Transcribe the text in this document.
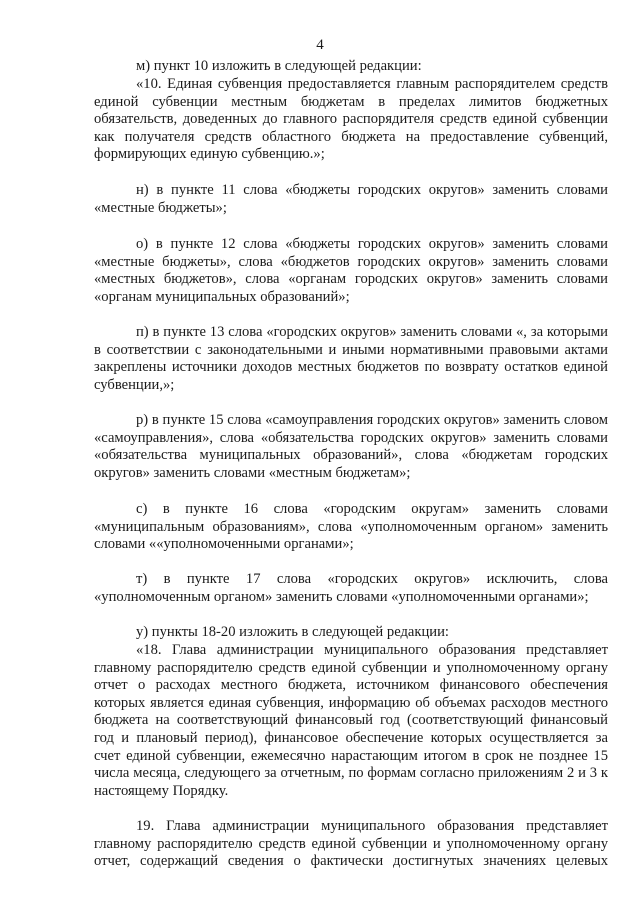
4

м) пункт 10 изложить в следующей редакции:

«10. Единая субвенция предоставляется главным распорядителем средств единой субвенции местным бюджетам в пределах лимитов бюджетных обязательств, доведенных до главного распорядителя средств единой субвенции как получателя средств областного бюджета на предоставление субвенций, формирующих единую субвенцию.»;

н) в пункте 11 слова «бюджеты городских округов» заменить словами «местные бюджеты»;

о) в пункте 12 слова «бюджеты городских округов» заменить словами «местные бюджеты», слова «бюджетов городских округов» заменить словами «местных бюджетов», слова «органам городских округов» заменить словами «органам муниципальных образований»;

п) в пункте 13 слова «городских округов» заменить словами «, за которыми в соответствии с законодательными и иными нормативными правовыми актами закреплены источники доходов местных бюджетов по возврату остатков единой субвенции,»;

р) в пункте 15 слова «самоуправления городских округов» заменить словом «самоуправления», слова «обязательства городских округов» заменить словами «обязательства муниципальных образований», слова «бюджетам городских округов» заменить словами «местным бюджетам»;

с) в пункте 16 слова «городским округам» заменить словами «муниципальным образованиям», слова «уполномоченным органом» заменить словами ««уполномоченными органами»;

т) в пункте 17 слова «городских округов» исключить, слова «уполномоченным органом» заменить словами «уполномоченными органами»;

у) пункты 18-20 изложить в следующей редакции:

«18. Глава администрации муниципального образования представляет главному распорядителю средств единой субвенции и уполномоченному органу отчет о расходах местного бюджета, источником финансового обеспечения которых является единая субвенция, информацию об объемах расходов местного бюджета на соответствующий финансовый год (соответствующий финансовый год и плановый период), финансовое обеспечение которых осуществляется за счет единой субвенции, ежемесячно нарастающим итогом в срок не позднее 15 числа месяца, следующего за отчетным, по формам согласно приложениям 2 и 3 к настоящему Порядку.

19. Глава администрации муниципального образования представляет главному распорядителю средств единой субвенции и уполномоченному органу отчет, содержащий сведения о фактически достигнутых значениях целевых
